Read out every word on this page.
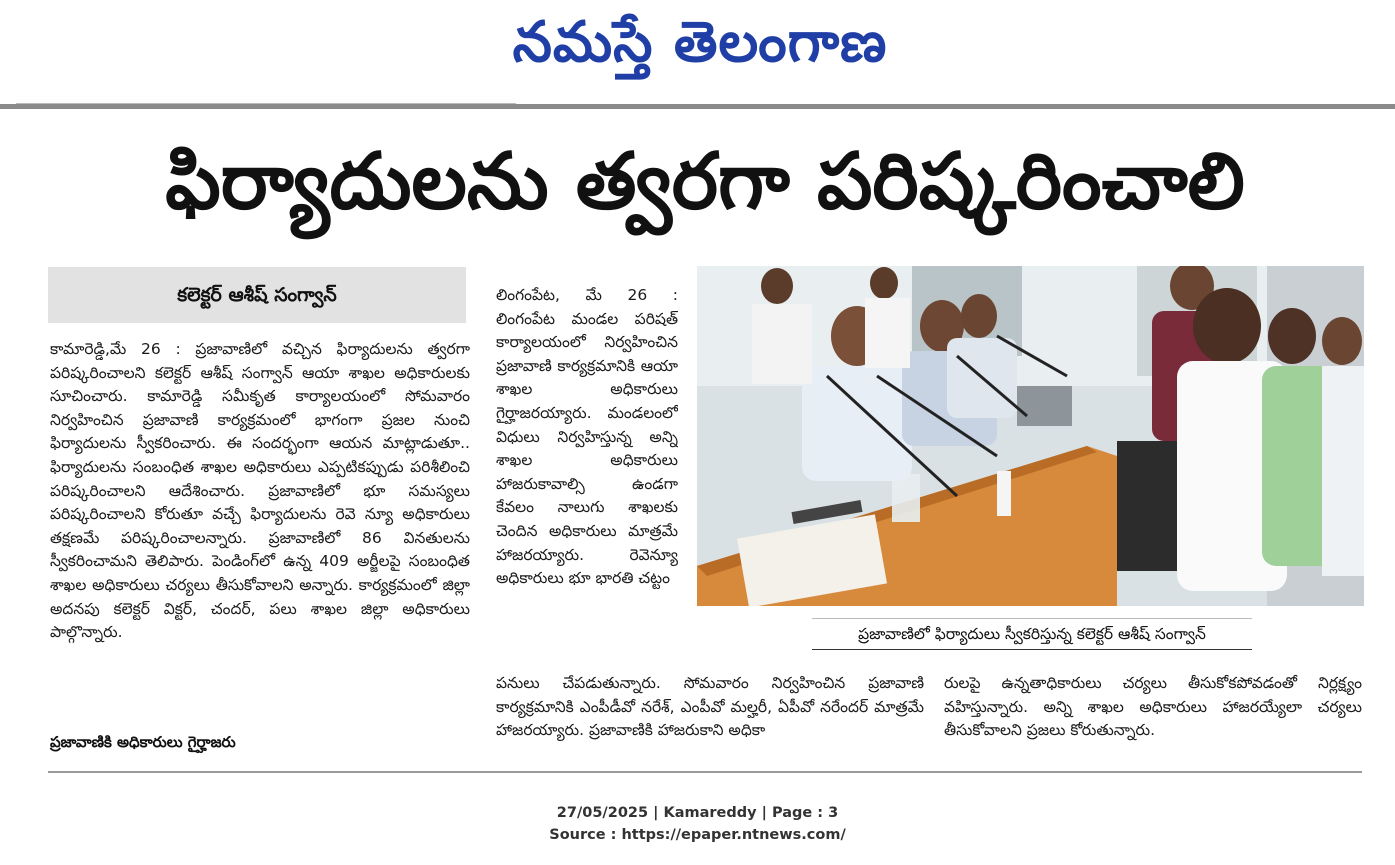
నమస్తే తెలంగాణ
ఫిర్యాదులను త్వరగా పరిష్కరించాలి
కలెక్టర్ ఆశీష్ సంగ్వాన్

కామారెడ్డి,మే 26 : ప్రజావాణిలో వచ్చిన ఫిర్యాదులను త్వరగా పరిష్కరించాలని కలెక్టర్ ఆశీష్ సంగ్వాన్ ఆయా శాఖల అధికారులకు సూచించారు. కామారెడ్డి సమీకృత కార్యాలయంలో సోమవారం నిర్వహించిన ప్రజావాణి కార్యక్రమంలో భాగంగా ప్రజల నుంచి ఫిర్యాదులను స్వీకరించారు. ఈ సందర్భంగా ఆయన మాట్లాడుతూ.. ఫిర్యాదులను సంబంధిత శాఖల అధికారులు ఎప్పటికప్పుడు పరిశీలించి పరిష్కరించాలని ఆదేశించారు. ప్రజావాణిలో భూ సమస్యలు పరిష్కరించాలని కోరుతూ వచ్చే ఫిర్యాదులను రెవె న్యూ అధికారులు తక్షణమే పరిష్కరించాలన్నారు. ప్రజావాణిలో 86 వినతులను స్వీకరించామని తెలిపారు. పెండింగ్‌లో ఉన్న 409 అర్జీలపై సంబంధిత శాఖల అధికారులు చర్యలు తీసుకోవాలని అన్నారు. కార్యక్రమంలో జిల్లా అదనపు కలెక్టర్ విక్టర్, చందర్, పలు శాఖల జిల్లా అధికారులు పాల్గొన్నారు.

ప్రజావాణికి అధికారులు గైర్హాజరు

లింగంపేట, మే 26 : లింగంపేట మండల పరిషత్ కార్యాలయంలో నిర్వహించిన ప్రజావాణి కార్యక్రమానికి ఆయా శాఖల అధికారులు గైర్హాజరయ్యారు. మండలంలో విధులు నిర్వహిస్తున్న అన్ని శాఖల అధికారులు హాజరుకావాల్సి ఉండగా కేవలం నాలుగు శాఖలకు చెందిన అధికారులు మాత్రమే హాజరయ్యారు. రెవెన్యూ అధికారులు భూ భారతి చట్టం

ప్రజావాణిలో ఫిర్యాదులు స్వీకరిస్తున్న కలెక్టర్ ఆశీష్ సంగ్వాన్

పనులు చేపడుతున్నారు. సోమవారం నిర్వహించిన ప్రజావాణి కార్యక్రమానికి ఎంపీడీవో నరేశ్, ఎంపీవో మల్హరీ, ఏపీవో నరేందర్ మాత్రమే హాజరయ్యారు. ప్రజావాణికి హాజరుకాని అధికా

రులపై ఉన్నతాధికారులు చర్యలు తీసుకోకపోవడంతో నిర్లక్ష్యం వహిస్తున్నారు. అన్ని శాఖల అధికారులు హాజరయ్యేలా చర్యలు తీసుకోవాలని ప్రజలు కోరుతున్నారు.

27/05/2025 | Kamareddy | Page : 3
Source : https://epaper.ntnews.com/
